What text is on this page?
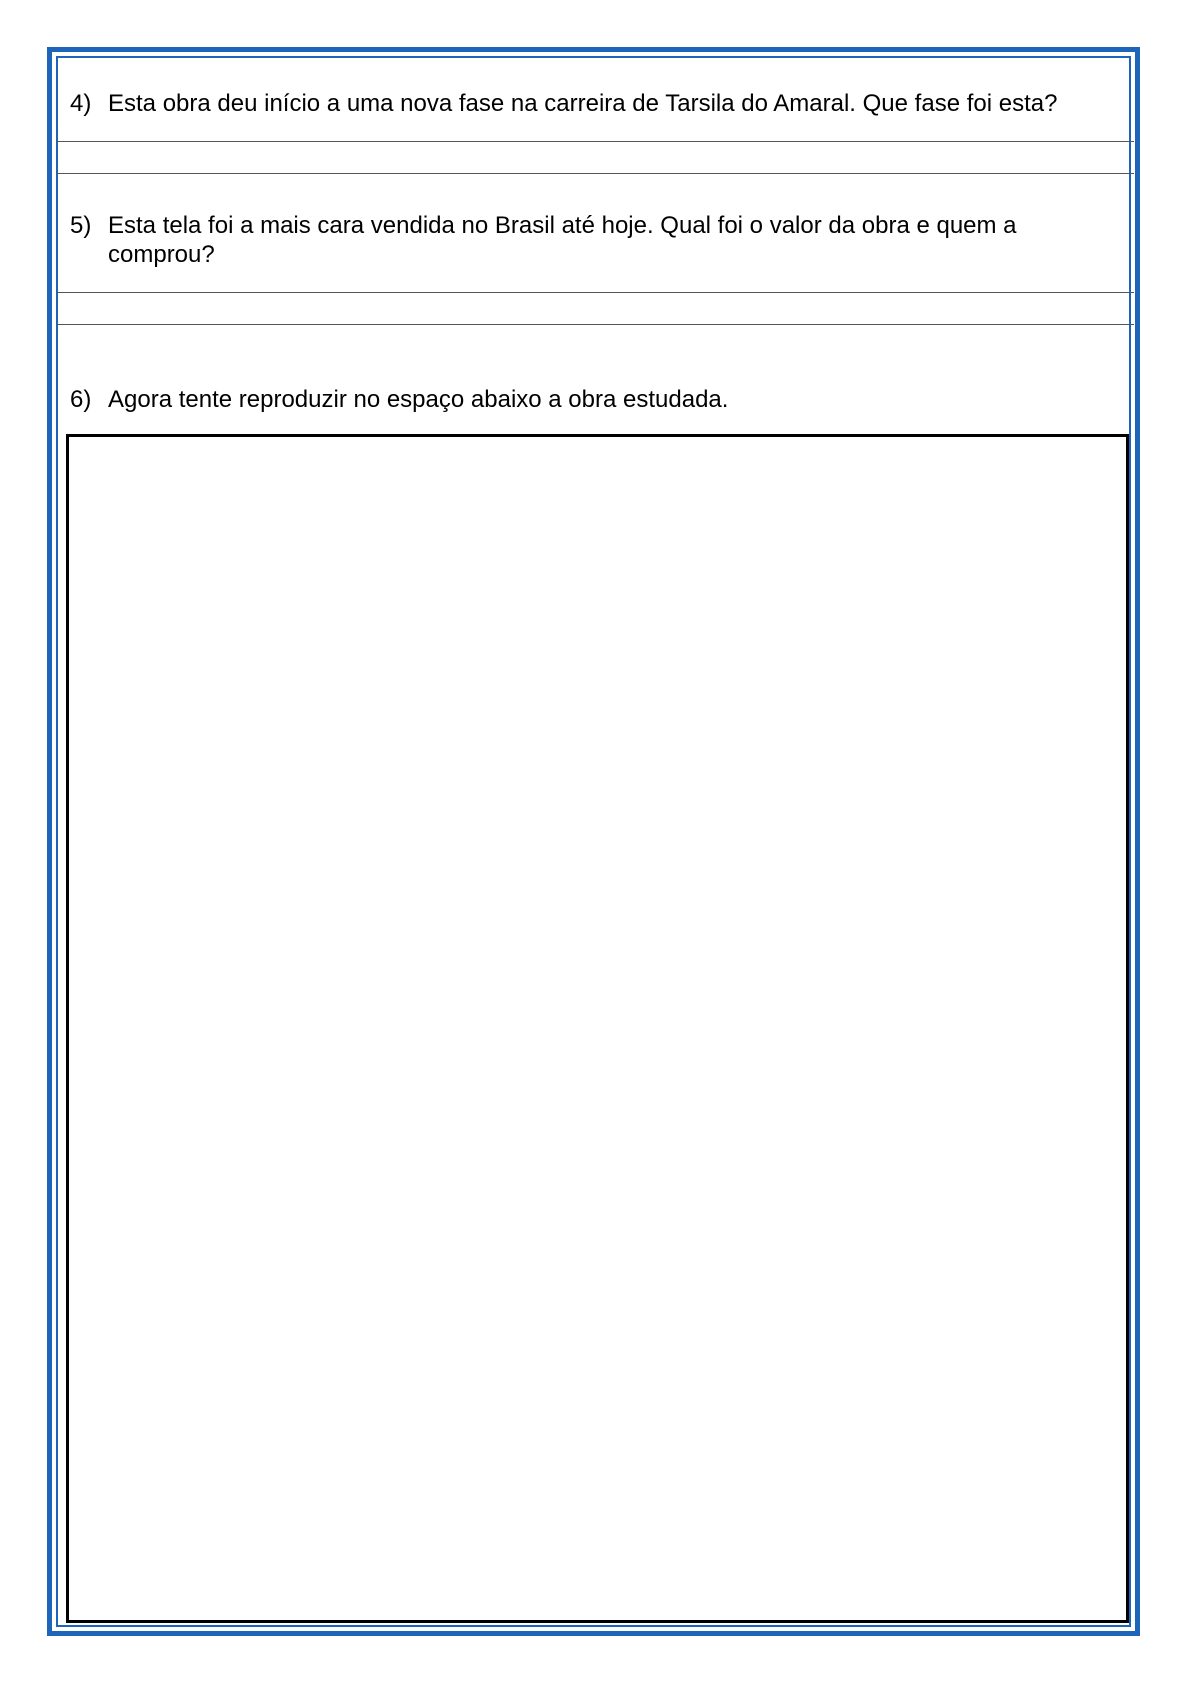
4) Esta obra deu início a uma nova fase na carreira de Tarsila do Amaral. Que fase foi esta?

5) Esta tela foi a mais cara vendida no Brasil até hoje. Qual foi o valor da obra e quem a comprou?

6) Agora tente reproduzir no espaço abaixo a obra estudada.
